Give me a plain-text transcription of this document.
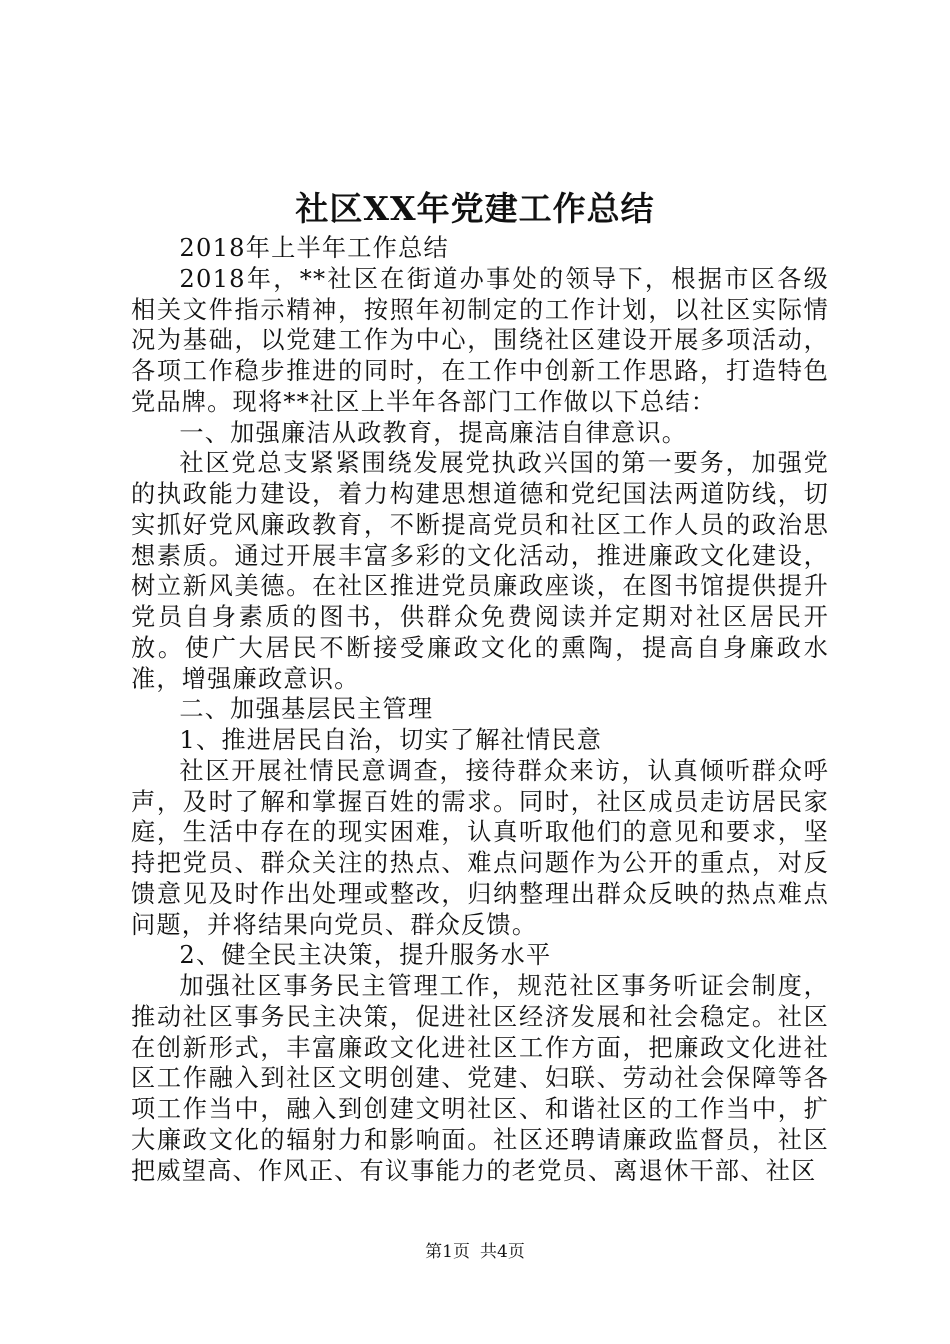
社区XX年党建工作总结

2018年上半年工作总结

2018年，**社区在街道办事处的领导下，根据市区各级相关文件指示精神，按照年初制定的工作计划，以社区实际情况为基础，以党建工作为中心，围绕社区建设开展多项活动，各项工作稳步推进的同时，在工作中创新工作思路，打造特色党品牌。现将**社区上半年各部门工作做以下总结：

一、加强廉洁从政教育，提高廉洁自律意识。

社区党总支紧紧围绕发展党执政兴国的第一要务，加强党的执政能力建设，着力构建思想道德和党纪国法两道防线，切实抓好党风廉政教育，不断提高党员和社区工作人员的政治思想素质。通过开展丰富多彩的文化活动，推进廉政文化建设，树立新风美德。在社区推进党员廉政座谈，在图书馆提供提升党员自身素质的图书，供群众免费阅读并定期对社区居民开放。使广大居民不断接受廉政文化的熏陶，提高自身廉政水准，增强廉政意识。

二、加强基层民主管理

1、推进居民自治，切实了解社情民意

社区开展社情民意调查，接待群众来访，认真倾听群众呼声，及时了解和掌握百姓的需求。同时，社区成员走访居民家庭，生活中存在的现实困难，认真听取他们的意见和要求，坚持把党员、群众关注的热点、难点问题作为公开的重点，对反馈意见及时作出处理或整改，归纳整理出群众反映的热点难点问题，并将结果向党员、群众反馈。

2、健全民主决策，提升服务水平

加强社区事务民主管理工作，规范社区事务听证会制度，推动社区事务民主决策，促进社区经济发展和社会稳定。社区在创新形式，丰富廉政文化进社区工作方面，把廉政文化进社区工作融入到社区文明创建、党建、妇联、劳动社会保障等各项工作当中，融入到创建文明社区、和谐社区的工作当中，扩大廉政文化的辐射力和影响面。社区还聘请廉政监督员，社区把威望高、作风正、有议事能力的老党员、离退休干部、社区

第1页 共4页
